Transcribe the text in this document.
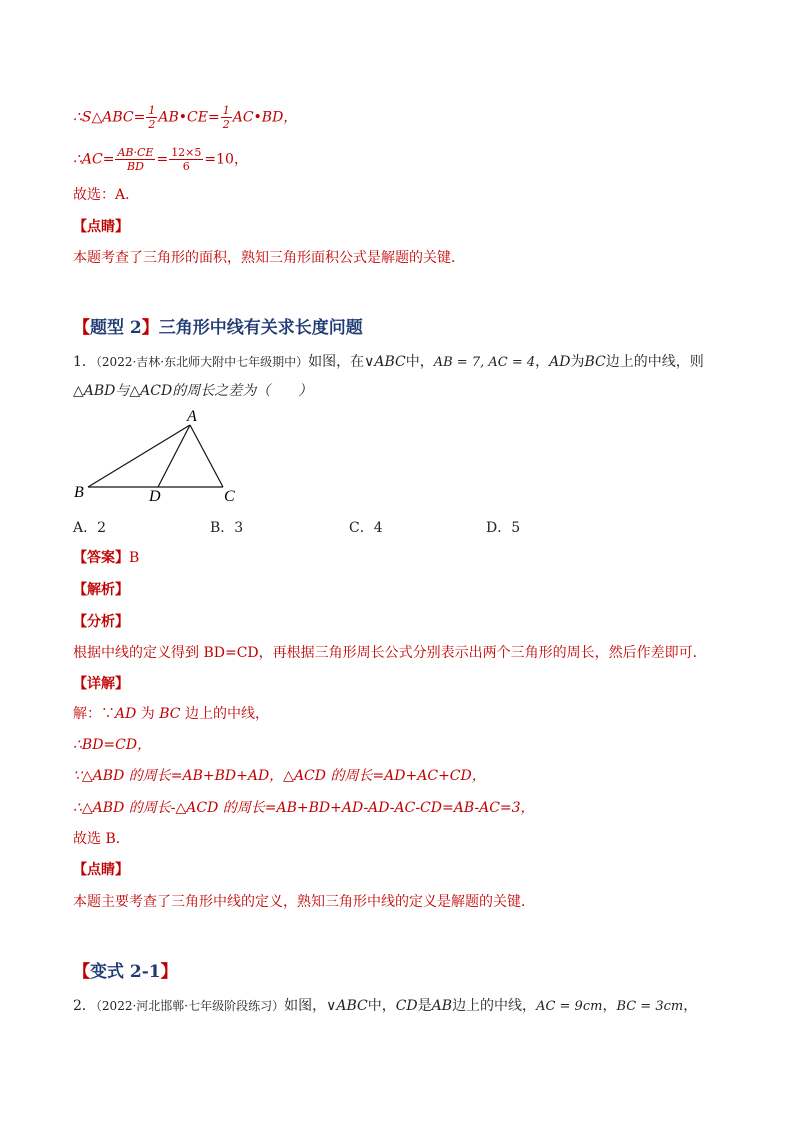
∴S△ABC= $\frac{1}{2}$ AB•CE= $\frac{1}{2}$ AC•BD，
∴AC= $\frac{AB\cdot CE}{BD} = \frac{12\times 5}{6} =10$，
故选：A．
【点睛】
本题考查了三角形的面积，熟知三角形面积公式是解题的关键．
【题型 2】三角形中线有关求长度问题
1．（2022·吉林·东北师大附中七年级期中）如图，在∨ABC中，AB = 7, AC = 4，AD为BC边上的中线，则
△ABD与△ACD的周长之差为（　　）
A
B	D	C
A．2	B．3	C．4	D．5
【答案】B
【解析】
【分析】
根据中线的定义得到 BD=CD，再根据三角形周长公式分别表示出两个三角形的周长，然后作差即可．
【详解】
解：∵AD 为 BC 边上的中线，
∴BD=CD，
∵△ABD 的周长=AB+BD+AD，△ACD 的周长=AD+AC+CD，
∴△ABD 的周长-△ACD 的周长=AB+BD+AD-AD-AC-CD=AB-AC=3，
故选 B．
【点睛】
本题主要考查了三角形中线的定义，熟知三角形中线的定义是解题的关键．
【变式 2-1】
2．（2022·河北邯郸·七年级阶段练习）如图，∨ABC中，CD是AB边上的中线，AC = 9cm，BC = 3cm，
